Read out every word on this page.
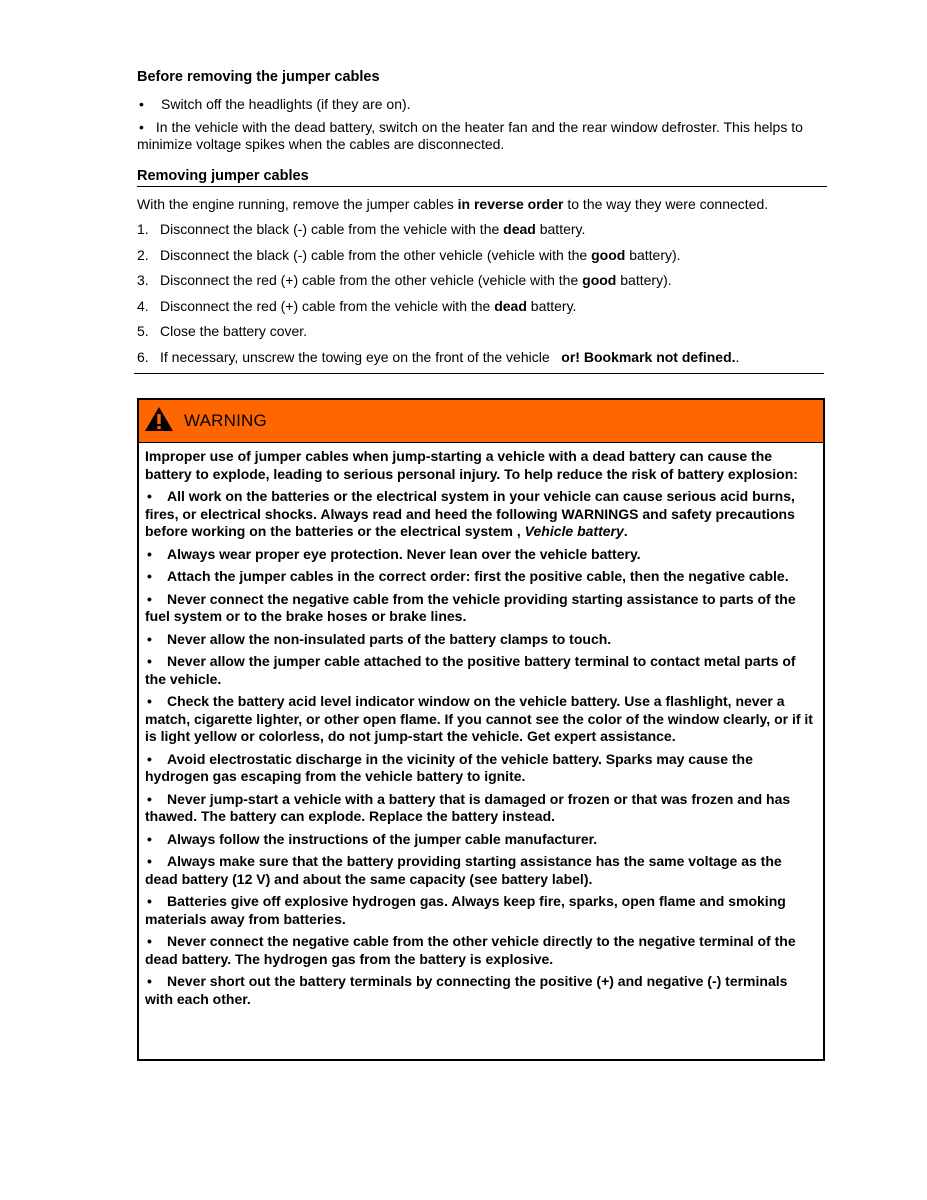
Before removing the jumper cables
•	Switch off the headlights (if they are on).
• In the vehicle with the dead battery, switch on the heater fan and the rear window defroster. This helps to minimize voltage spikes when the cables are disconnected.
Removing jumper cables

With the engine running, remove the jumper cables in reverse order to the way they were connected.

1. Disconnect the black (-) cable from the vehicle with the dead battery.
2. Disconnect the black (-) cable from the other vehicle (vehicle with the good battery).
3. Disconnect the red (+) cable from the other vehicle (vehicle with the good battery).
4. Disconnect the red (+) cable from the vehicle with the dead battery.
5. Close the battery cover.
6. If necessary, unscrew the towing eye on the front of the vehicle   or! Bookmark not defined..
WARNING

Improper use of jumper cables when jump-starting a vehicle with a dead battery can cause the battery to explode, leading to serious personal injury. To help reduce the risk of battery explosion:

• All work on the batteries or the electrical system in your vehicle can cause serious acid burns, fires, or electrical shocks. Always read and heed the following WARNINGS and safety precautions before working on the batteries or the electrical system , Vehicle battery.

• Always wear proper eye protection. Never lean over the vehicle battery.

• Attach the jumper cables in the correct order: first the positive cable, then the negative cable.

• Never connect the negative cable from the vehicle providing starting assistance to parts of the fuel system or to the brake hoses or brake lines.

• Never allow the non-insulated parts of the battery clamps to touch.

• Never allow the jumper cable attached to the positive battery terminal to contact metal parts of the vehicle.

• Check the battery acid level indicator window on the vehicle battery. Use a flashlight, never a match, cigarette lighter, or other open flame. If you cannot see the color of the window clearly, or if it is light yellow or colorless, do not jump-start the vehicle. Get expert assistance.

• Avoid electrostatic discharge in the vicinity of the vehicle battery. Sparks may cause the hydrogen gas escaping from the vehicle battery to ignite.

• Never jump-start a vehicle with a battery that is damaged or frozen or that was frozen and has thawed. The battery can explode. Replace the battery instead.

• Always follow the instructions of the jumper cable manufacturer.

• Always make sure that the battery providing starting assistance has the same voltage as the dead battery (12 V) and about the same capacity (see battery label).

• Batteries give off explosive hydrogen gas. Always keep fire, sparks, open flame and smoking materials away from batteries.

• Never connect the negative cable from the other vehicle directly to the negative terminal of the dead battery. The hydrogen gas from the battery is explosive.

• Never short out the battery terminals by connecting the positive (+) and negative (-) terminals with each other.
